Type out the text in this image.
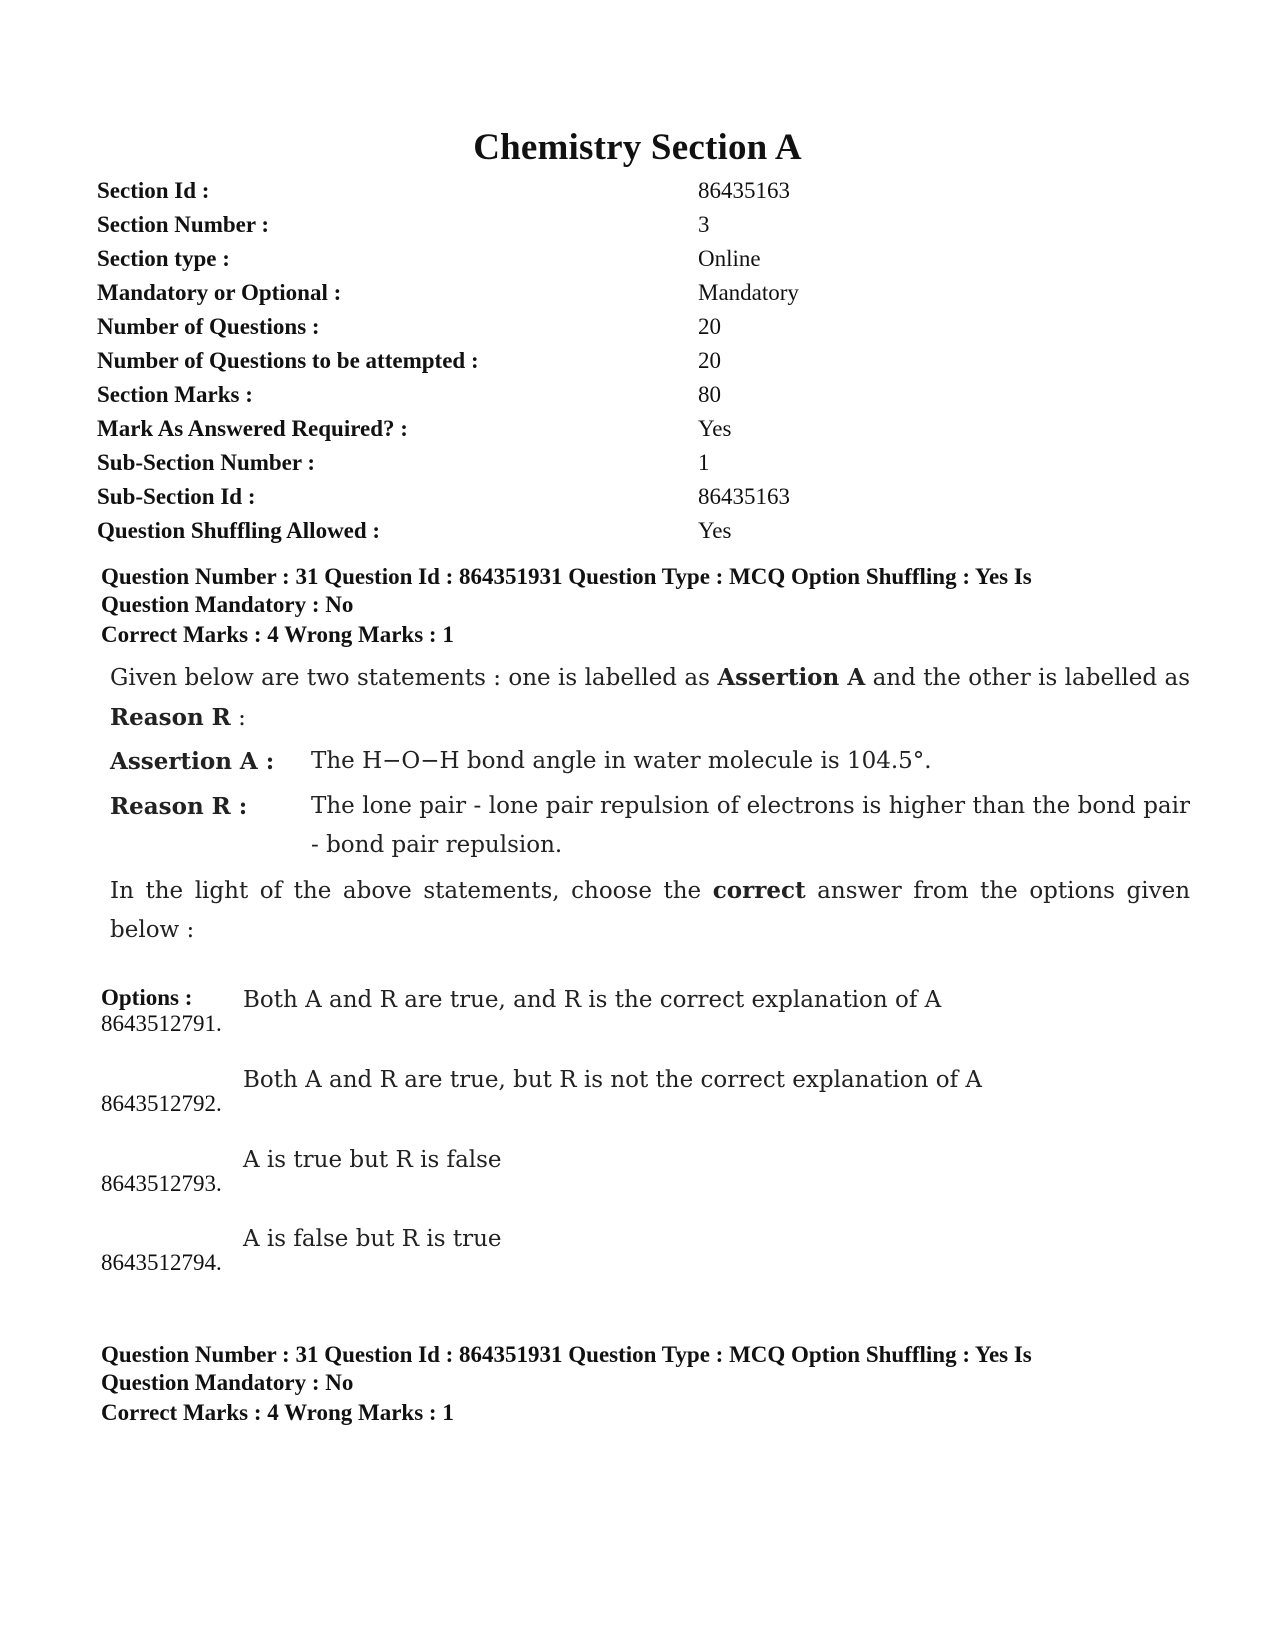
Chemistry Section A
Section Id :	86435163
Section Number :	3
Section type :	Online
Mandatory or Optional :	Mandatory
Number of Questions :	20
Number of Questions to be attempted :	20
Section Marks :	80
Mark As Answered Required? :	Yes
Sub-Section Number :	1
Sub-Section Id :	86435163
Question Shuffling Allowed :	Yes
Question Number : 31 Question Id : 864351931 Question Type : MCQ Option Shuffling : Yes Is
Question Mandatory : No
Correct Marks : 4 Wrong Marks : 1
Given below are two statements : one is labelled as Assertion A and the other is labelled as Reason R :
Assertion A : The H−O−H bond angle in water molecule is 104.5°.
Reason R :	The lone pair - lone pair repulsion of electrons is higher than the bond pair - bond pair repulsion.
In the light of the above statements, choose the correct answer from the options given below :
Options :
8643512791.
Both A and R are true, and R is the correct explanation of A
8643512792.
Both A and R are true, but R is not the correct explanation of A
8643512793.
A is true but R is false
8643512794.
A is false but R is true
Question Number : 31 Question Id : 864351931 Question Type : MCQ Option Shuffling : Yes Is
Question Mandatory : No
Correct Marks : 4 Wrong Marks : 1
